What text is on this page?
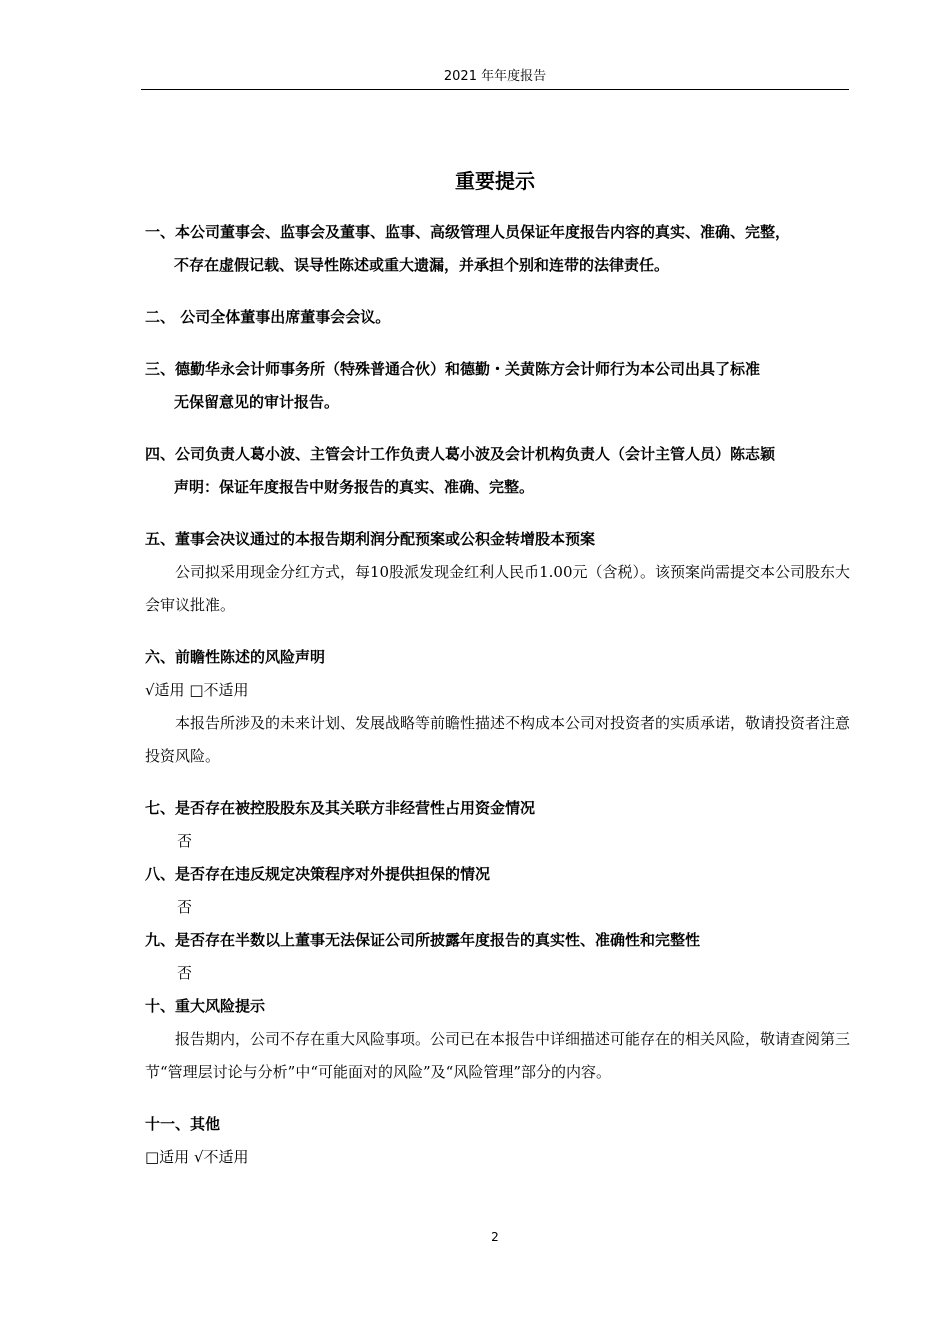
2021 年年度报告
重要提示
一、本公司董事会、监事会及董事、监事、高级管理人员保证年度报告内容的真实、准确、完整，
不存在虚假记载、误导性陈述或重大遗漏，并承担个别和连带的法律责任。
二、 公司全体董事出席董事会会议。
三、德勤华永会计师事务所（特殊普通合伙）和德勤・关黄陈方会计师行为本公司出具了标准
无保留意见的审计报告。
四、公司负责人葛小波、主管会计工作负责人葛小波及会计机构负责人（会计主管人员）陈志颖
声明：保证年度报告中财务报告的真实、准确、完整。
五、董事会决议通过的本报告期利润分配预案或公积金转增股本预案
公司拟采用现金分红方式，每10股派发现金红利人民币1.00元（含税）。该预案尚需提交本公司股东大会审议批准。
六、前瞻性陈述的风险声明
√适用 □不适用
本报告所涉及的未来计划、发展战略等前瞻性描述不构成本公司对投资者的实质承诺，敬请投资者注意投资风险。
七、是否存在被控股股东及其关联方非经营性占用资金情况
否
八、是否存在违反规定决策程序对外提供担保的情况
否
九、是否存在半数以上董事无法保证公司所披露年度报告的真实性、准确性和完整性
否
十、重大风险提示
报告期内，公司不存在重大风险事项。公司已在本报告中详细描述可能存在的相关风险，敬请查阅第三节“管理层讨论与分析”中“可能面对的风险”及“风险管理”部分的内容。
十一、其他
□适用 √不适用
2
